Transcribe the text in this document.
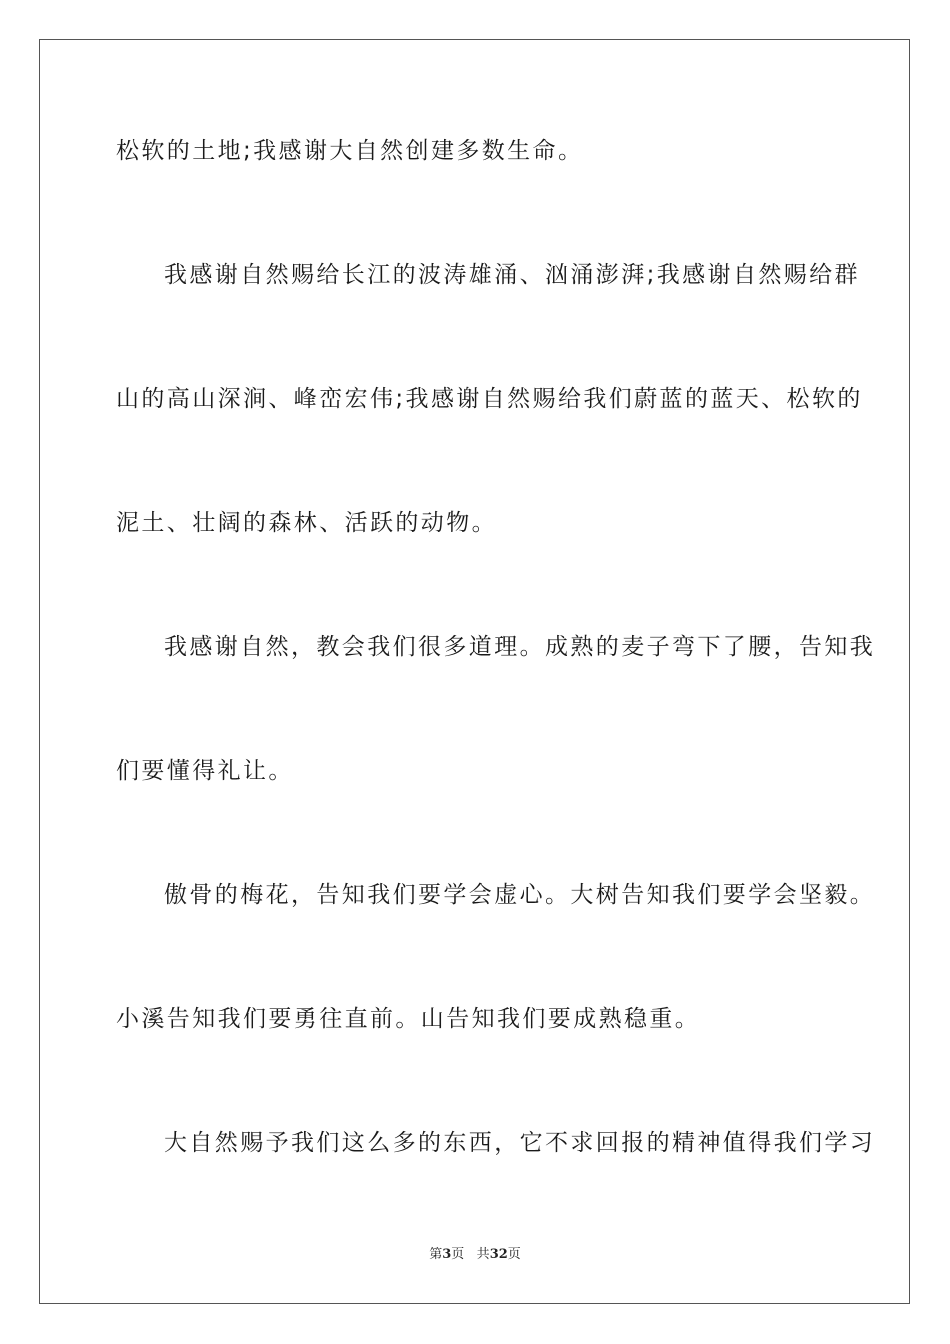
松软的土地;我感谢大自然创建多数生命。
我感谢自然赐给长江的波涛雄涌、汹涌澎湃;我感谢自然赐给群
山的高山深涧、峰峦宏伟;我感谢自然赐给我们蔚蓝的蓝天、松软的
泥土、壮阔的森林、活跃的动物。
我感谢自然，教会我们很多道理。成熟的麦子弯下了腰，告知我
们要懂得礼让。
傲骨的梅花，告知我们要学会虚心。大树告知我们要学会坚毅。
小溪告知我们要勇往直前。山告知我们要成熟稳重。
大自然赐予我们这么多的东西，它不求回报的精神值得我们学习
第3页 共32页
